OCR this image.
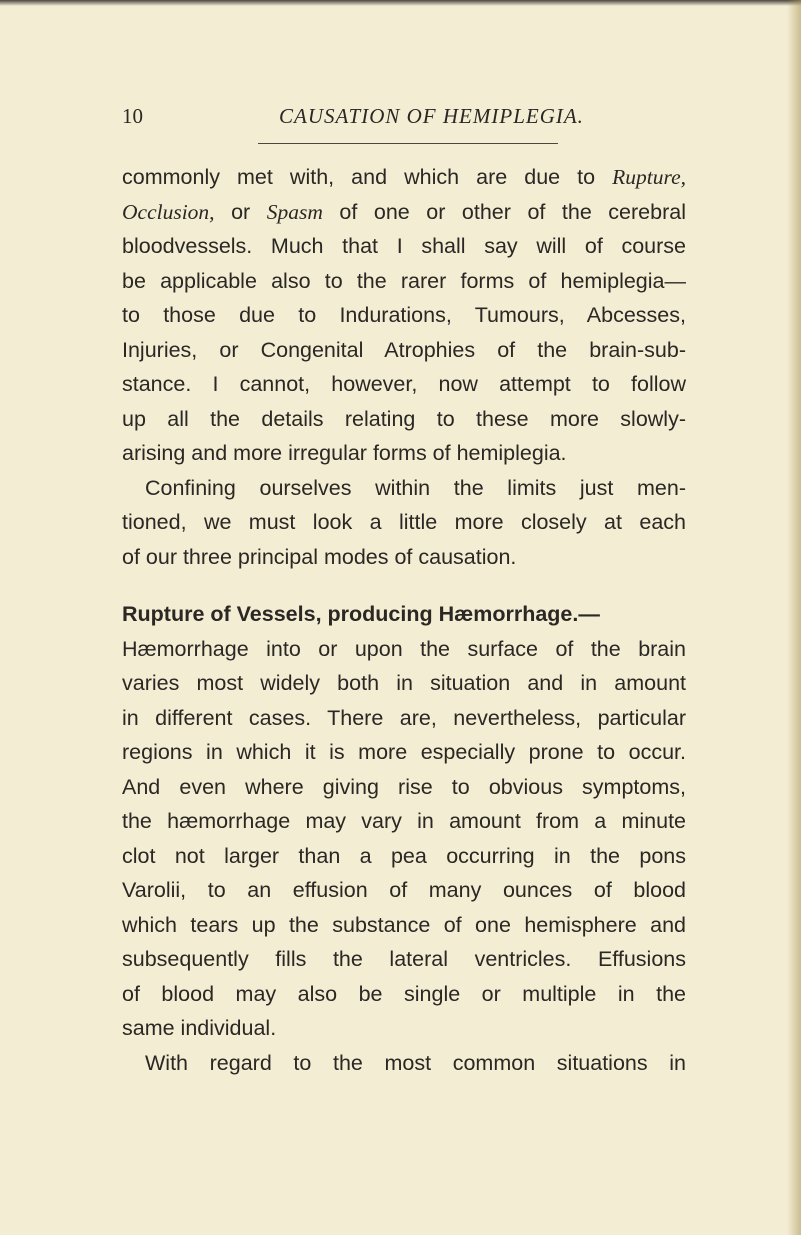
10	CAUSATION OF HEMIPLEGIA.
commonly met with, and which are due to Rupture,
Occlusion, or Spasm of one or other of the cerebral
bloodvessels. Much that I shall say will of course
be applicable also to the rarer forms of hemiplegia—
to those due to Indurations, Tumours, Abcesses,
Injuries, or Congenital Atrophies of the brain-sub-
stance. I cannot, however, now attempt to follow
up all the details relating to these more slowly-
arising and more irregular forms of hemiplegia.
Confining ourselves within the limits just men-
tioned, we must look a little more closely at each
of our three principal modes of causation.
Rupture of Vessels, producing Hæmorrhage.—
Hæmorrhage into or upon the surface of the brain
varies most widely both in situation and in amount
in different cases. There are, nevertheless, particular
regions in which it is more especially prone to occur.
And even where giving rise to obvious symptoms,
the hæmorrhage may vary in amount from a minute
clot not larger than a pea occurring in the pons
Varolii, to an effusion of many ounces of blood
which tears up the substance of one hemisphere and
subsequently fills the lateral ventricles. Effusions
of blood may also be single or multiple in the
same individual.
With regard to the most common situations in
